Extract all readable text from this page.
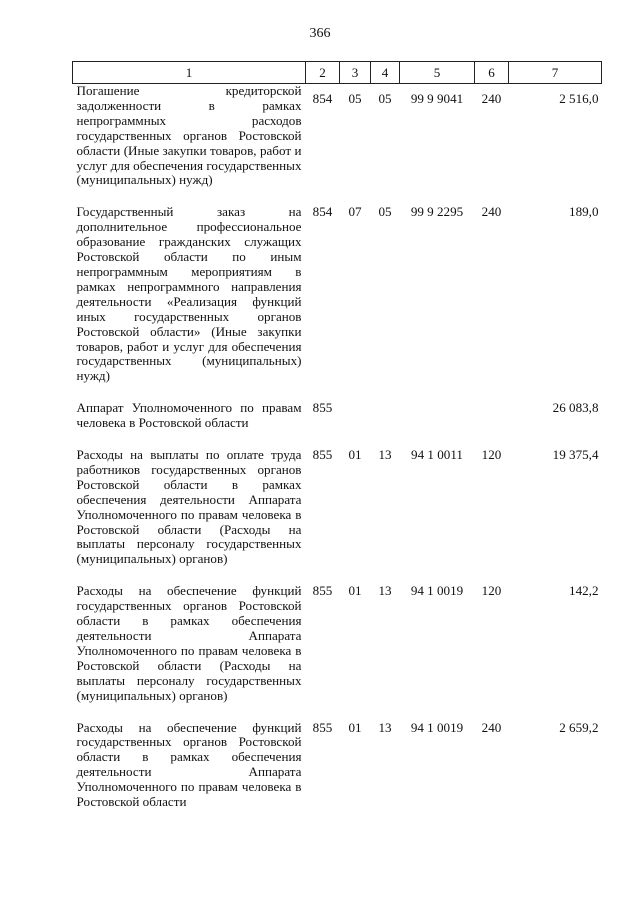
366
1	2	3	4	5	6	7
Погашение кредиторской задолженности в рамках непрограммных расходов государственных органов Ростовской области (Иные закупки товаров, работ и услуг для обеспечения государственных (муниципальных) нужд)	854	05	05	99 9 9041	240	2 516,0

Государственный заказ на дополнительное профессиональное образование гражданских служащих Ростовской области по иным непрограммным мероприятиям в рамках непрограммного направления деятельности «Реализация функций иных государственных органов Ростовской области» (Иные закупки товаров, работ и услуг для обеспечения государственных (муниципальных) нужд)	854	07	05	99 9 2295	240	189,0

Аппарат Уполномоченного по правам человека в Ростовской области	855					26 083,8

Расходы на выплаты по оплате труда работников государственных органов Ростовской области в рамках обеспечения деятельности Аппарата Уполномоченного по правам человека в Ростовской области (Расходы на выплаты персоналу государственных (муниципальных) органов)	855	01	13	94 1 0011	120	19 375,4

Расходы на обеспечение функций государственных органов Ростовской области в рамках обеспечения деятельности Аппарата Уполномоченного по правам человека в Ростовской области (Расходы на выплаты персоналу государственных (муниципальных) органов)	855	01	13	94 1 0019	120	142,2

Расходы на обеспечение функций государственных органов Ростовской области в рамках обеспечения деятельности Аппарата Уполномоченного по правам человека в Ростовской области	855	01	13	94 1 0019	240	2 659,2
